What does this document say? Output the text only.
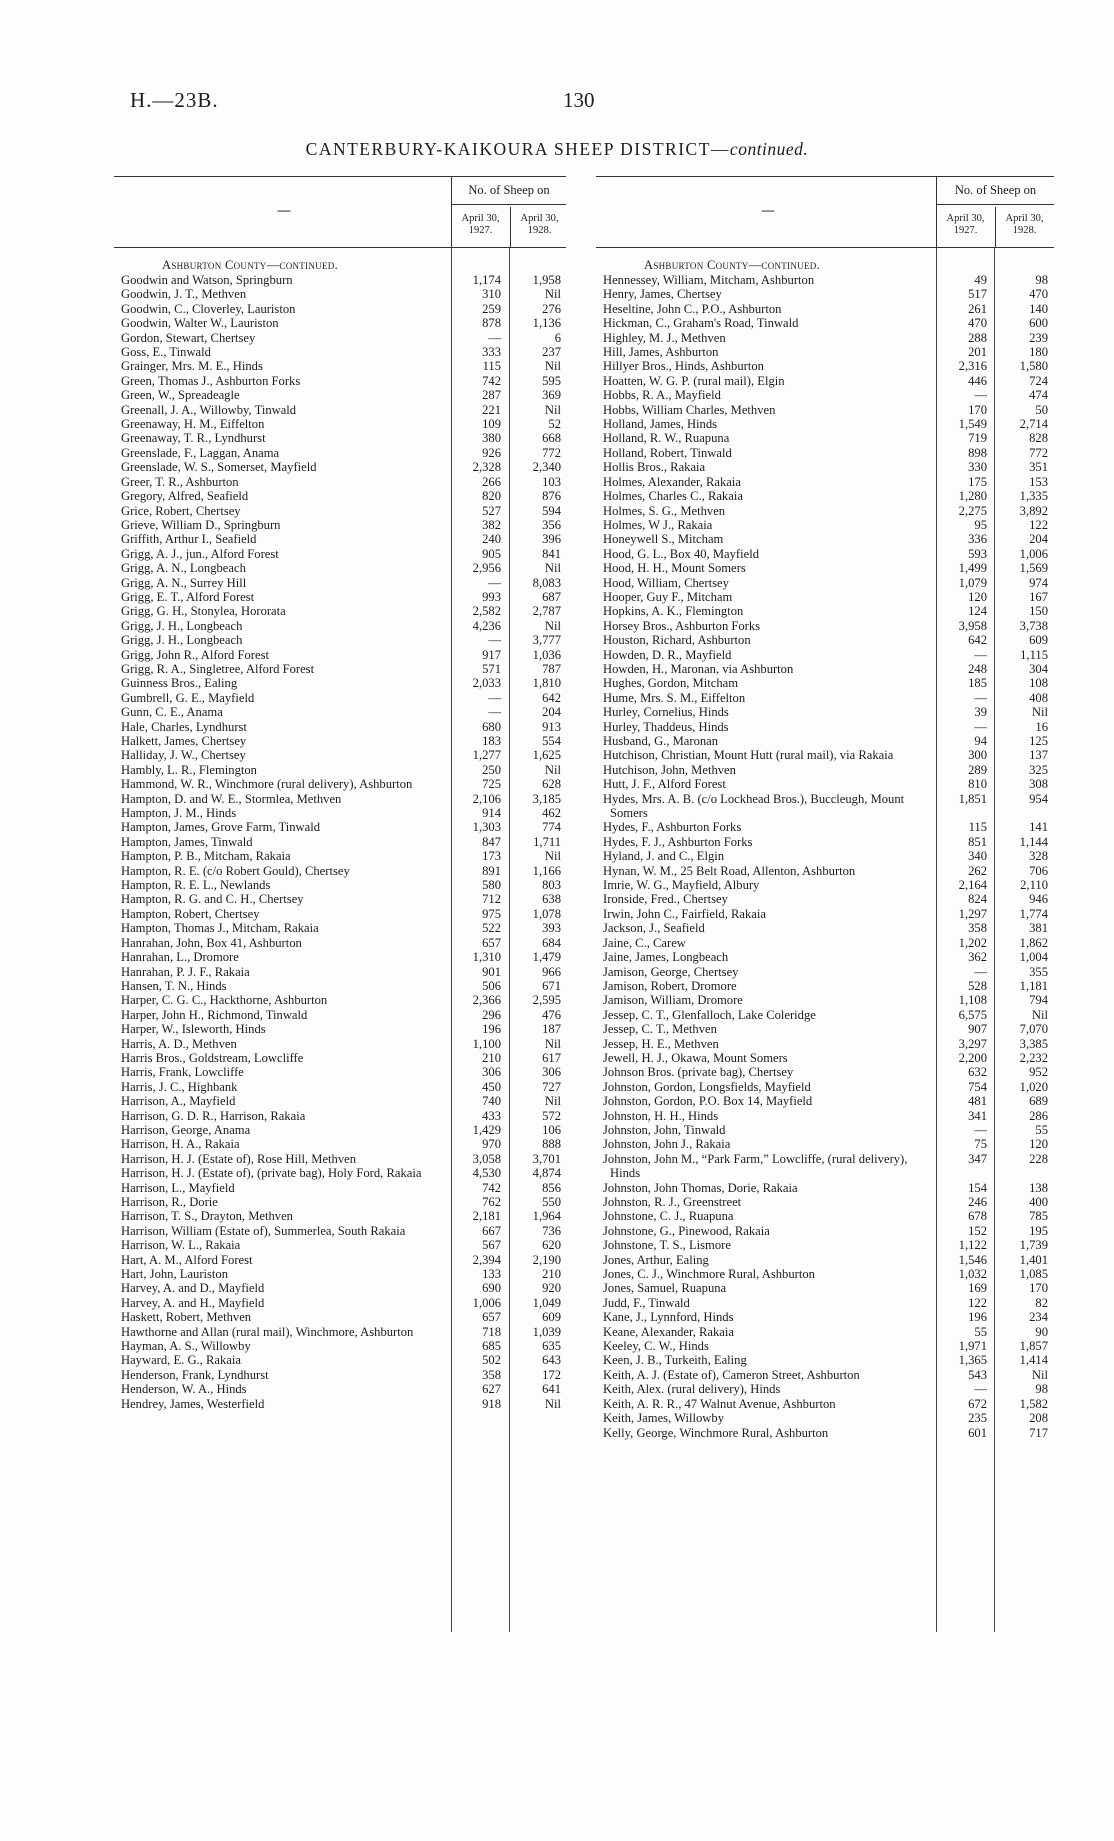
H.—23B.	130
CANTERBURY-KAIKOURA SHEEP DISTRICT—continued.
—
No. of Sheep on
April 30, 1927.
April 30, 1928.
Ashburton County—continued.
Goodwin and Watson, Springburn	1,174	1,958
Goodwin, J. T., Methven	310	Nil
Goodwin, C., Cloverley, Lauriston	259	276
Goodwin, Walter W., Lauriston	878	1,136
Gordon, Stewart, Chertsey	—	6
Goss, E., Tinwald	333	237
Grainger, Mrs. M. E., Hinds	115	Nil
Green, Thomas J., Ashburton Forks	742	595
Green, W., Spreadeagle	287	369
Greenall, J. A., Willowby, Tinwald	221	Nil
Greenaway, H. M., Eiffelton	109	52
Greenaway, T. R., Lyndhurst	380	668
Greenslade, F., Laggan, Anama	926	772
Greenslade, W. S., Somerset, Mayfield	2,328	2,340
Greer, T. R., Ashburton	266	103
Gregory, Alfred, Seafield	820	876
Grice, Robert, Chertsey	527	594
Grieve, William D., Springburn	382	356
Griffith, Arthur I., Seafield	240	396
Grigg, A. J., jun., Alford Forest	905	841
Grigg, A. N., Longbeach	2,956	Nil
Grigg, A. N., Surrey Hill	—	8,083
Grigg, E. T., Alford Forest	993	687
Grigg, G. H., Stonylea, Hororata	2,582	2,787
Grigg, J. H., Longbeach	4,236	Nil
Grigg, J. H., Longbeach	—	3,777
Grigg, John R., Alford Forest	917	1,036
Grigg, R. A., Singletree, Alford Forest	571	787
Guinness Bros., Ealing	2,033	1,810
Gumbrell, G. E., Mayfield	—	642
Gunn, C. E., Anama	—	204
Hale, Charles, Lyndhurst	680	913
Halkett, James, Chertsey	183	554
Halliday, J. W., Chertsey	1,277	1,625
Hambly, L. R., Flemington	250	Nil
Hammond, W. R., Winchmore (rural delivery), Ashburton	725	628
Hampton, D. and W. E., Stormlea, Methven	2,106	3,185
Hampton, J. M., Hinds	914	462
Hampton, James, Grove Farm, Tinwald	1,303	774
Hampton, James, Tinwald	847	1,711
Hampton, P. B., Mitcham, Rakaia	173	Nil
Hampton, R. E. (c/o Robert Gould), Chertsey	891	1,166
Hampton, R. E. L., Newlands	580	803
Hampton, R. G. and C. H., Chertsey	712	638
Hampton, Robert, Chertsey	975	1,078
Hampton, Thomas J., Mitcham, Rakaia	522	393
Hanrahan, John, Box 41, Ashburton	657	684
Hanrahan, L., Dromore	1,310	1,479
Hanrahan, P. J. F., Rakaia	901	966
Hansen, T. N., Hinds	506	671
Harper, C. G. C., Hackthorne, Ashburton	2,366	2,595
Harper, John H., Richmond, Tinwald	296	476
Harper, W., Isleworth, Hinds	196	187
Harris, A. D., Methven	1,100	Nil
Harris Bros., Goldstream, Lowcliffe	210	617
Harris, Frank, Lowcliffe	306	306
Harris, J. C., Highbank	450	727
Harrison, A., Mayfield	740	Nil
Harrison, G. D. R., Harrison, Rakaia	433	572
Harrison, George, Anama	1,429	106
Harrison, H. A., Rakaia	970	888
Harrison, H. J. (Estate of), Rose Hill, Methven	3,058	3,701
Harrison, H. J. (Estate of), (private bag), Holy Ford, Rakaia	4,530	4,874
Harrison, L., Mayfield	742	856
Harrison, R., Dorie	762	550
Harrison, T. S., Drayton, Methven	2,181	1,964
Harrison, William (Estate of), Summerlea, South Rakaia	667	736
Harrison, W. L., Rakaia	567	620
Hart, A. M., Alford Forest	2,394	2,190
Hart, John, Lauriston	133	210
Harvey, A. and D., Mayfield	690	920
Harvey, A. and H., Mayfield	1,006	1,049
Haskett, Robert, Methven	657	609
Hawthorne and Allan (rural mail), Winchmore, Ashburton	718	1,039
Hayman, A. S., Willowby	685	635
Hayward, E. G., Rakaia	502	643
Henderson, Frank, Lyndhurst	358	172
Henderson, W. A., Hinds	627	641
Hendrey, James, Westerfield	918	Nil
—
No. of Sheep on
April 30, 1927.
April 30, 1928.
Ashburton County—continued.
Hennessey, William, Mitcham, Ashburton	49	98
Henry, James, Chertsey	517	470
Heseltine, John C., P.O., Ashburton	261	140
Hickman, C., Graham's Road, Tinwald	470	600
Highley, M. J., Methven	288	239
Hill, James, Ashburton	201	180
Hillyer Bros., Hinds, Ashburton	2,316	1,580
Hoatten, W. G. P. (rural mail), Elgin	446	724
Hobbs, R. A., Mayfield	—	474
Hobbs, William Charles, Methven	170	50
Holland, James, Hinds	1,549	2,714
Holland, R. W., Ruapuna	719	828
Holland, Robert, Tinwald	898	772
Hollis Bros., Rakaia	330	351
Holmes, Alexander, Rakaia	175	153
Holmes, Charles C., Rakaia	1,280	1,335
Holmes, S. G., Methven	2,275	3,892
Holmes, W J., Rakaia	95	122
Honeywell S., Mitcham	336	204
Hood, G. L., Box 40, Mayfield	593	1,006
Hood, H. H., Mount Somers	1,499	1,569
Hood, William, Chertsey	1,079	974
Hooper, Guy F., Mitcham	120	167
Hopkins, A. K., Flemington	124	150
Horsey Bros., Ashburton Forks	3,958	3,738
Houston, Richard, Ashburton	642	609
Howden, D. R., Mayfield	—	1,115
Howden, H., Maronan, via Ashburton	248	304
Hughes, Gordon, Mitcham	185	108
Hume, Mrs. S. M., Eiffelton	—	408
Hurley, Cornelius, Hinds	39	Nil
Hurley, Thaddeus, Hinds	—	16
Husband, G., Maronan	94	125
Hutchison, Christian, Mount Hutt (rural mail), via Rakaia	300	137
Hutchison, John, Methven	289	325
Hutt, J. F., Alford Forest	810	308
Hydes, Mrs. A. B. (c/o Lockhead Bros.), Buccleugh, Mount Somers
1,851	954
Hydes, F., Ashburton Forks	115	141
Hydes, F. J., Ashburton Forks	851	1,144
Hyland, J. and C., Elgin	340	328
Hynan, W. M., 25 Belt Road, Allenton, Ashburton	262	706
Imrie, W. G., Mayfield, Albury	2,164	2,110
Ironside, Fred., Chertsey	824	946
Irwin, John C., Fairfield, Rakaia	1,297	1,774
Jackson, J., Seafield	358	381
Jaine, C., Carew	1,202	1,862
Jaine, James, Longbeach	362	1,004
Jamison, George, Chertsey	—	355
Jamison, Robert, Dromore	528	1,181
Jamison, William, Dromore	1,108	794
Jessep, C. T., Glenfalloch, Lake Coleridge	6,575	Nil
Jessep, C. T., Methven	907	7,070
Jessep, H. E., Methven	3,297	3,385
Jewell, H. J., Okawa, Mount Somers	2,200	2,232
Johnson Bros. (private bag), Chertsey	632	952
Johnston, Gordon, Longsfields, Mayfield	754	1,020
Johnston, Gordon, P.O. Box 14, Mayfield	481	689
Johnston, H. H., Hinds	341	286
Johnston, John, Tinwald	—	55
Johnston, John J., Rakaia	75	120
Johnston, John M., “Park Farm,” Lowcliffe, (rural delivery), Hinds
347	228
Johnston, John Thomas, Dorie, Rakaia	154	138
Johnston, R. J., Greenstreet	246	400
Johnstone, C. J., Ruapuna	678	785
Johnstone, G., Pinewood, Rakaia	152	195
Johnstone, T. S., Lismore	1,122	1,739
Jones, Arthur, Ealing	1,546	1,401
Jones, C. J., Winchmore Rural, Ashburton	1,032	1,085
Jones, Samuel, Ruapuna	169	170
Judd, F., Tinwald	122	82
Kane, J., Lynnford, Hinds	196	234
Keane, Alexander, Rakaia	55	90
Keeley, C. W., Hinds	1,971	1,857
Keen, J. B., Turkeith, Ealing	1,365	1,414
Keith, A. J. (Estate of), Cameron Street, Ashburton	543	Nil
Keith, Alex. (rural delivery), Hinds	—	98
Keith, A. R. R., 47 Walnut Avenue, Ashburton	672	1,582
Keith, James, Willowby	235	208
Kelly, George, Winchmore Rural, Ashburton	601	717
